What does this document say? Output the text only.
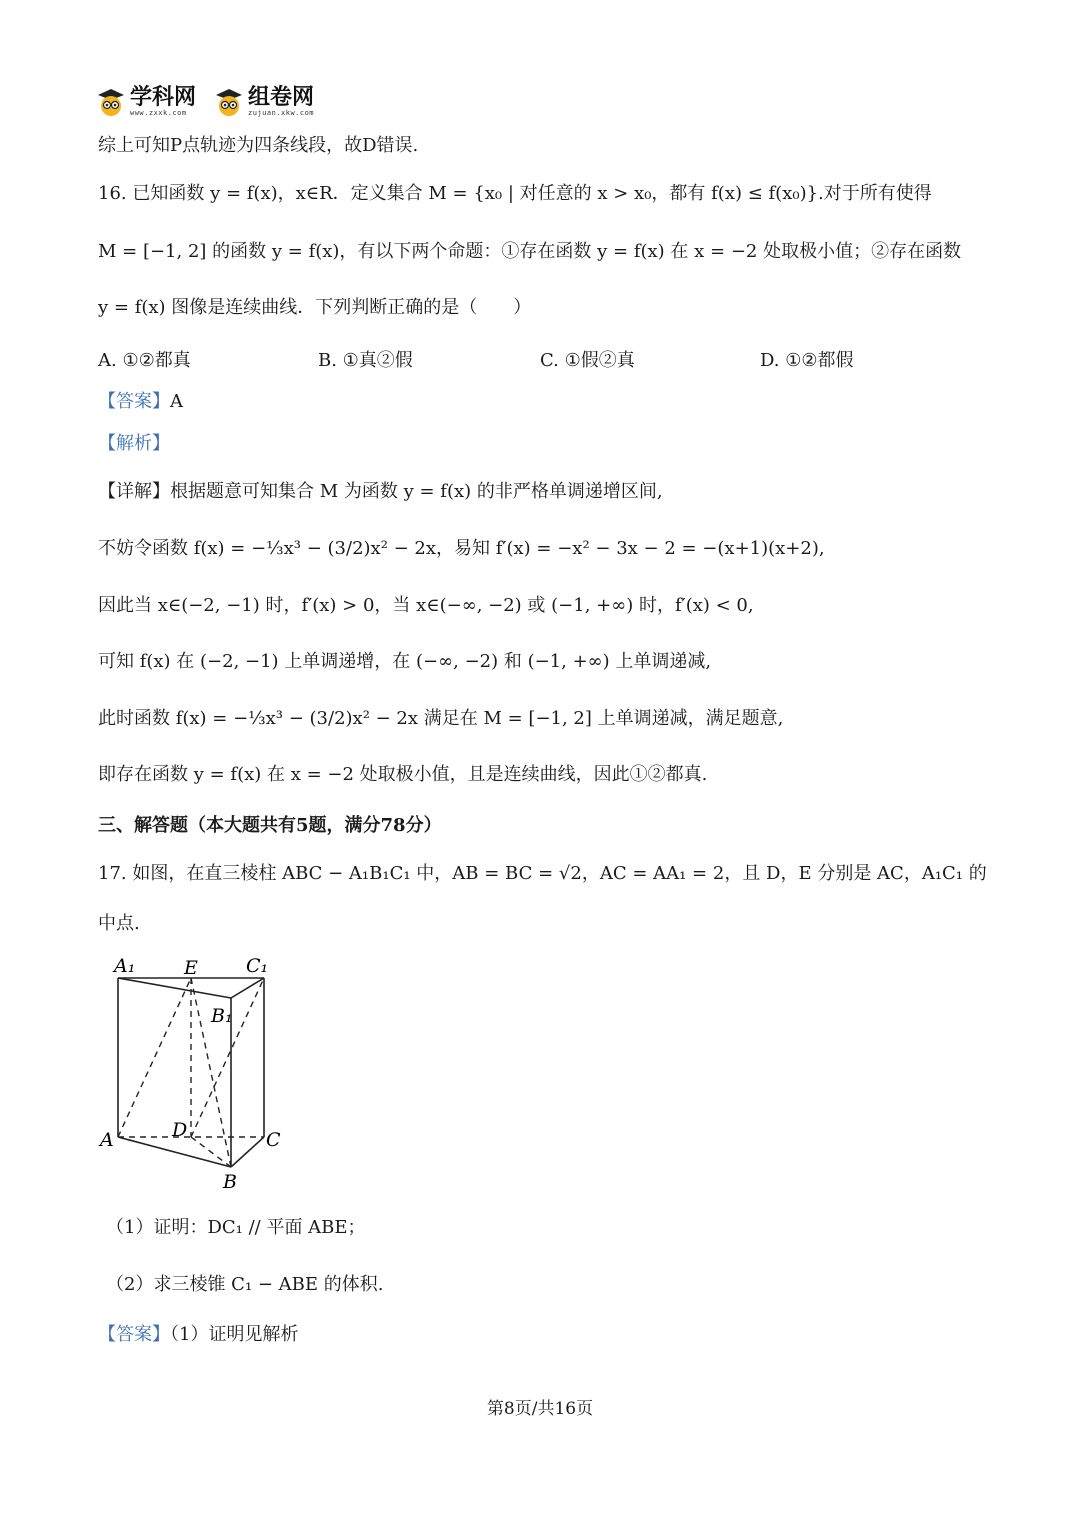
学科网
www.zxxk.com
组卷网
zujuan.xkw.com
综上可知P点轨迹为四条线段，故D错误.
16. 已知函数 y = f(x)，x∈R．定义集合 M = {x₀ | 对任意的 x > x₀，都有 f(x) ≤ f(x₀)}.对于所有使得
M = [−1, 2] 的函数 y = f(x)，有以下两个命题：①存在函数 y = f(x) 在 x = −2 处取极小值；②存在函数
y = f(x) 图像是连续曲线．下列判断正确的是（　　）
A. ①②都真	B. ①真②假	C. ①假②真	D. ①②都假
【答案】A
【解析】
【详解】根据题意可知集合 M 为函数 y = f(x) 的非严格单调递增区间,
不妨令函数 f(x) = −⅓x³ − (3/2)x² − 2x，易知 f′(x) = −x² − 3x − 2 = −(x+1)(x+2),
因此当 x∈(−2, −1) 时，f′(x) > 0，当 x∈(−∞, −2) 或 (−1, +∞) 时，f′(x) < 0,
可知 f(x) 在 (−2, −1) 上单调递增，在 (−∞, −2) 和 (−1, +∞) 上单调递减,
此时函数 f(x) = −⅓x³ − (3/2)x² − 2x 满足在 M = [−1, 2] 上单调递减，满足题意,
即存在函数 y = f(x) 在 x = −2 处取极小值，且是连续曲线，因此①②都真.
三、解答题（本大题共有5题，满分78分）
17. 如图，在直三棱柱 ABC − A₁B₁C₁ 中，AB = BC = √2，AC = AA₁ = 2，且 D，E 分别是 AC，A₁C₁ 的
中点.
A₁	E	C₁
B₁
A	D	C
B
（1）证明：DC₁ // 平面 ABE；
（2）求三棱锥 C₁ − ABE 的体积.
【答案】（1）证明见解析
第8页/共16页
